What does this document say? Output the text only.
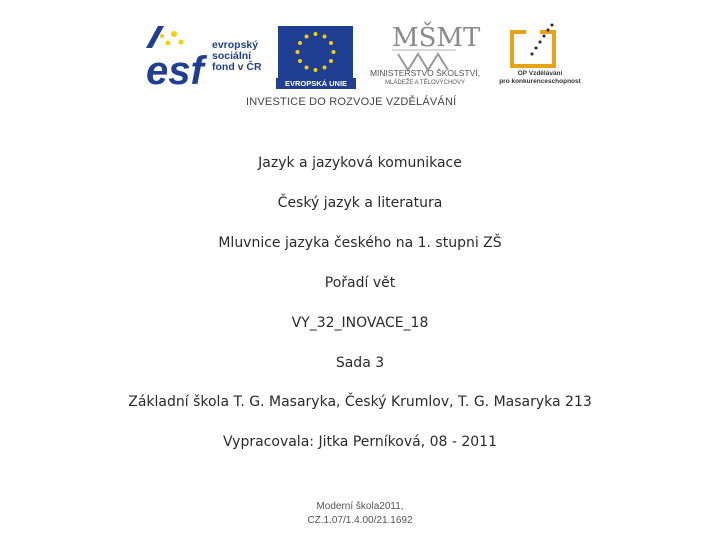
esf
evropský
sociální
fond v ČR
EVROPSKÁ UNIE
MŠMT
MINISTERSTVO ŠKOLSTVÍ,
MLÁDEŽE A TĚLOVÝCHOVY
OP Vzdělávání
pro konkurenceschopnost
INVESTICE DO ROZVOJE VZDĚLÁVÁNÍ
Jazyk a jazyková komunikace
Český jazyk a literatura
Mluvnice jazyka českého na 1. stupni ZŠ
Pořadí vět
VY_32_INOVACE_18
Sada 3
Základní škola T. G. Masaryka, Český Krumlov, T. G. Masaryka 213
Vypracovala: Jitka Perníková, 08 - 2011
Moderní škola2011,
CZ.1.07/1.4.00/21.1692
